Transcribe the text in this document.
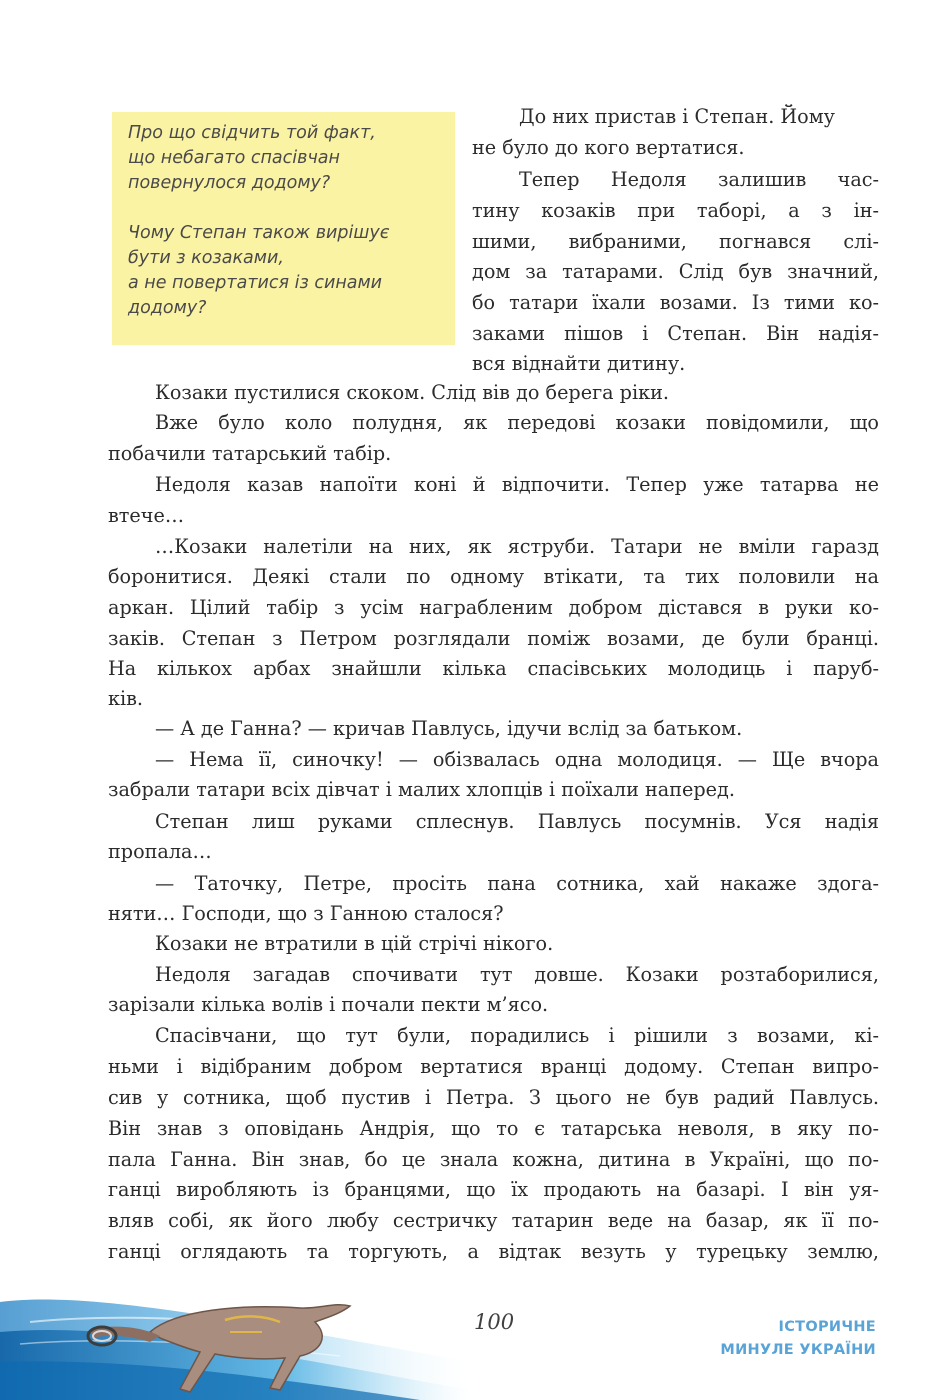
Про що свідчить той факт,
що небагато спасівчан
повернулося додому?

Чому Степан також вирішує
бути з козаками,
а не повертатися із синами
додому?

До них пристав і Степан. Йому
не було до кого вертатися.
Тепер Недоля залишив час-
тину козаків при таборі, а з ін-
шими, вибраними, погнався слі-
дом за татарами. Слід був значний,
бо татари їхали возами. Із тими ко-
заками пішов і Степан. Він надія-
вся віднайти дитину.
Козаки пустилися скоком. Слід вів до берега ріки.
Вже було коло полудня, як передові козаки повідомили, що
побачили татарський табір.
Недоля казав напоїти коні й відпочити. Тепер уже татарва не
втече…
…Козаки налетіли на них, як яструби. Татари не вміли гаразд
боронитися. Деякі стали по одному втікати, та тих половили на
аркан. Цілий табір з усім награбленим добром дістався в руки ко-
заків. Степан з Петром розглядали поміж возами, де були бранці.
На кількох арбах знайшли кілька спасівських молодиць і паруб-
ків.
— А де Ганна? — кричав Павлусь, ідучи вслід за батьком.
— Нема її, синочку! — обізвалась одна молодиця. — Ще вчора
забрали татари всіх дівчат і малих хлопців і поїхали наперед.
Степан лиш руками сплеснув. Павлусь посумнів. Уся надія
пропала…
— Таточку, Петре, просіть пана сотника, хай накаже здога-
няти… Господи, що з Ганною сталося?
Козаки не втратили в цій стрічі нікого.
Недоля загадав спочивати тут довше. Козаки розтаборилися,
зарізали кілька волів і почали пекти м’ясо.
Спасівчани, що тут були, порадились і рішили з возами, кі-
ньми і відібраним добром вертатися вранці додому. Степан випро-
сив у сотника, щоб пустив і Петра. З цього не був радий Павлусь.
Він знав з оповідань Андрія, що то є татарська неволя, в яку по-
пала Ганна. Він знав, бо це знала кожна, дитина в Україні, що по-
ганці виробляють із бранцями, що їх продають на базарі. І він уя-
вляв собі, як його любу сестричку татарин веде на базар, як її по-
ганці оглядають та торгують, а відтак везуть у турецьку землю,
100	ІСТОРИЧНЕ
МИНУЛЕ УКРАЇНИ
